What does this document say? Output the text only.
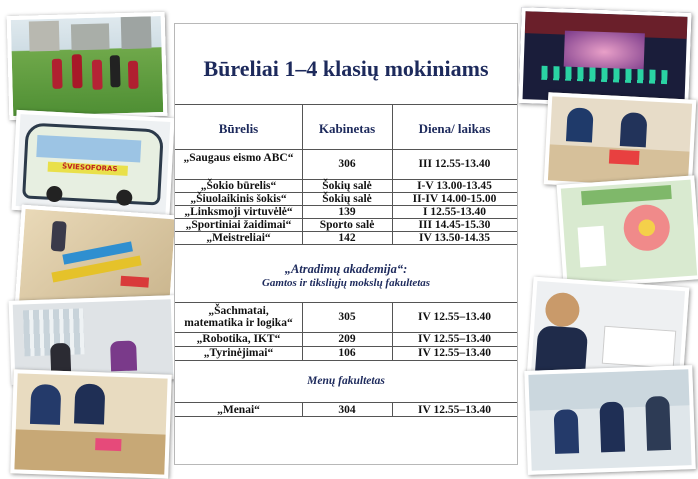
ŠVIESOFORAS
Būreliai 1–4 klasių mokiniams
Būrelis	Kabinetas	Diena/ laikas
„Saugaus eismo ABC“	306	III 12.55-13.40
„Šokio būrelis“	Šokių salė	I-V 13.00-13.45
„Šiuolaikinis šokis“	Šokių salė	II-IV 14.00-15.00
„Linksmoji virtuvėlė“	139	I 12.55-13.40
„Sportiniai žaidimai“	Sporto salė	III 14.45-15.30
„Meistreliai“	142	IV 13.50-14.35
„Atradimų akademija“:
Gamtos ir tiksliųjų mokslų fakultetas
„Šachmatai, matematika ir logika“	305	IV 12.55–13.40
„Robotika, IKT“	209	IV 12.55–13.40
„Tyrinėjimai“	106	IV 12.55–13.40
Menų fakultetas
„Menai“	304	IV 12.55–13.40
